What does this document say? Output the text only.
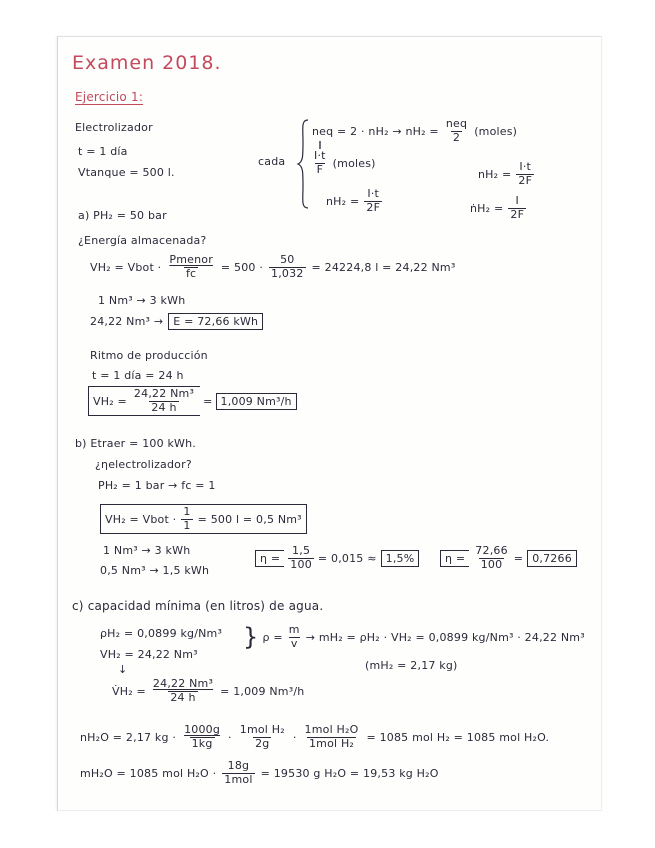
Examen 2018.
Ejercicio 1:
Electrolizador
t = 1 día
Vtanque = 500 l.
cada
neq = $2 \cdot nH_2 \to nH_2 = \frac{\text{neq}}{2}$ (moles)
‖
$\frac{I\cdot t}{F}$ (moles)
$nH_2 = \frac{I\cdot t}{2F}$
$nH_2 = \frac{I\cdot t}{2F}$
ṅH₂ = $\frac{I}{2F}$
a) PH₂ = 50 bar
¿Energía almacenada?
VH₂ = Vbot · $\frac{\text{Pmenor}}{fc} = 500 \cdot \frac{50}{1,032} = 24224,8$ l = 24,22 Nm³
1 Nm³ → 3 kWh
24,22 Nm³ → E = 72,66 kWh
Ritmo de producción
t = 1 día = 24 h
$VH_2 = \frac{\text{24,22 Nm³}}{24 h} = 1,009$ Nm³/h
b) Etraer = 100 kWh.
¿ηelectrolizador?
PH₂ = 1 bar → fc = 1
VH₂ = Vbot · $\frac{1}{1} = 500$ l = 0,5 Nm³
1 Nm³ → 3 kWh
0,5 Nm³ → 1,5 kWh
$\eta = \frac{1,5}{100} = 0,015 \approx 1,5\%$	$\eta = \frac{72,66}{100} = 0,7266$
c) capacidad mínima (en litros) de agua.
ρH₂ = 0,0899 kg/Nm³
VH₂ = 24,22 Nm³
↓
V̇H₂ = $\frac{\text{24,22 Nm³}}{24 h} = 1,009$ Nm³/h
} $\rho = \frac{m}{v} \to mH_2 = \rho H_2 \cdot VH_2 = 0,0899$ kg/Nm³ · 24,22 Nm³
(mH₂ = 2,17 kg)
nH₂O = 2,17 kg · $\frac{1000g}{1kg} \cdot \frac{\text{1mol H₂}}{2g} \cdot \frac{\text{1mol H₂O}}{\text{1mol H₂}} = 1085$ mol H₂ = 1085 mol H₂O.
mH₂O = 1085 mol $H_2O \cdot \frac{18g}{\text{1mol}} = 19530$ g H₂O = 19,53 kg H₂O
